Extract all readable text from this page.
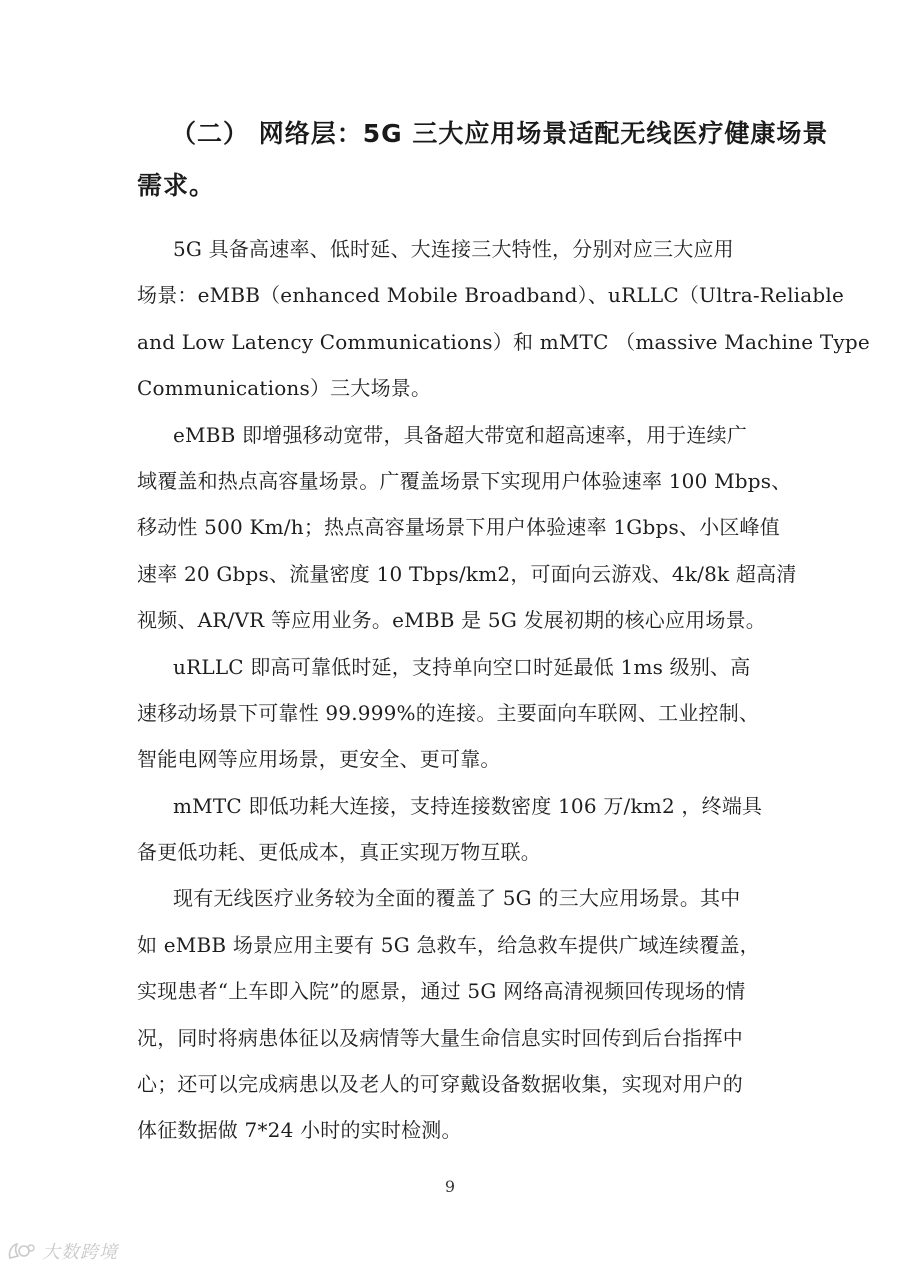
（二） 网络层：5G 三大应用场景适配无线医疗健康场景
需求。
5G 具备高速率、低时延、大连接三大特性，分别对应三大应用
场景：eMBB（enhanced Mobile Broadband）、uRLLC（Ultra-Reliable
and Low Latency Communications）和 mMTC （massive Machine Type
Communications）三大场景。
eMBB 即增强移动宽带，具备超大带宽和超高速率，用于连续广
域覆盖和热点高容量场景。广覆盖场景下实现用户体验速率 100 Mbps、
移动性 500 Km/h；热点高容量场景下用户体验速率 1Gbps、小区峰值
速率 20 Gbps、流量密度 10 Tbps/km2，可面向云游戏、4k/8k 超高清
视频、AR/VR 等应用业务。eMBB 是 5G 发展初期的核心应用场景。
uRLLC 即高可靠低时延，支持单向空口时延最低 1ms 级别、高
速移动场景下可靠性 99.999%的连接。主要面向车联网、工业控制、
智能电网等应用场景，更安全、更可靠。
mMTC 即低功耗大连接，支持连接数密度 106 万/km2 ，终端具
备更低功耗、更低成本，真正实现万物互联。
现有无线医疗业务较为全面的覆盖了 5G 的三大应用场景。其中
如 eMBB 场景应用主要有 5G 急救车，给急救车提供广域连续覆盖，
实现患者“上车即入院”的愿景，通过 5G 网络高清视频回传现场的情
况，同时将病患体征以及病情等大量生命信息实时回传到后台指挥中
心；还可以完成病患以及老人的可穿戴设备数据收集，实现对用户的
体征数据做 7*24 小时的实时检测。
9
大数跨境
